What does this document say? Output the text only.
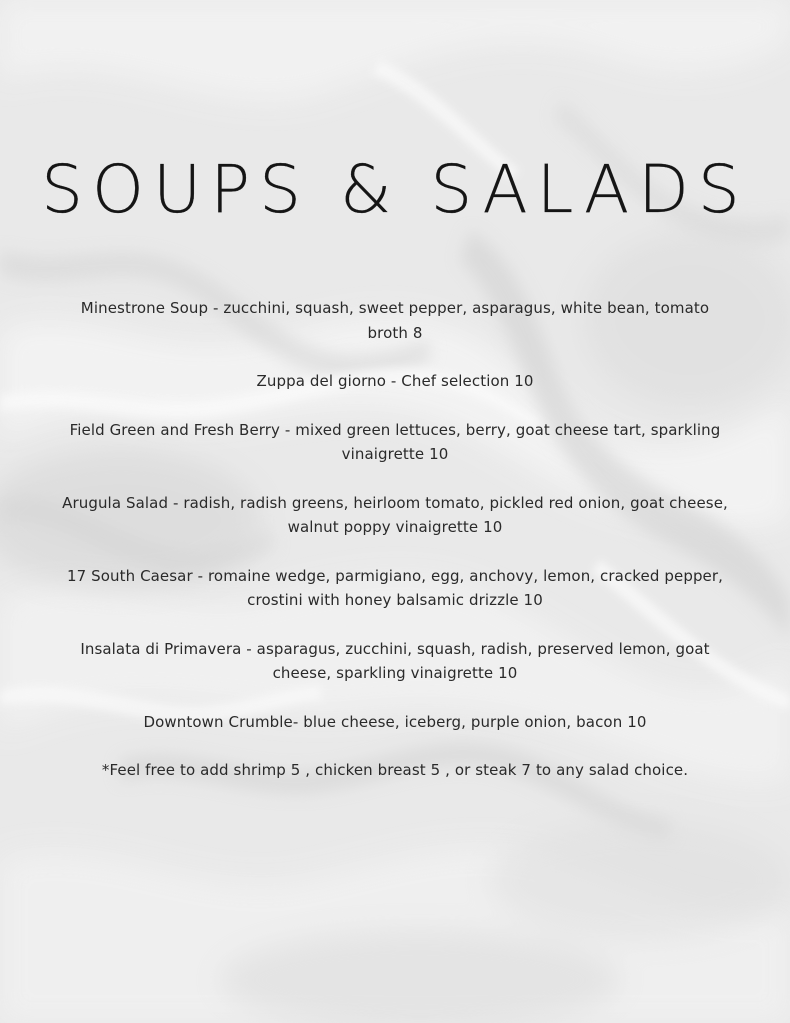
SOUPS & SALADS

Minestrone Soup - zucchini, squash, sweet pepper, asparagus, white bean, tomato broth 8

Zuppa del giorno - Chef selection 10

Field Green and Fresh Berry - mixed green lettuces, berry, goat cheese tart, sparkling vinaigrette 10

Arugula Salad - radish, radish greens, heirloom tomato, pickled red onion, goat cheese, walnut poppy vinaigrette 10

17 South Caesar - romaine wedge, parmigiano, egg, anchovy, lemon, cracked pepper, crostini with honey balsamic drizzle 10

Insalata di Primavera - asparagus, zucchini, squash, radish, preserved lemon, goat cheese, sparkling vinaigrette 10

Downtown Crumble- blue cheese, iceberg, purple onion, bacon 10

*Feel free to add shrimp 5 , chicken breast 5 , or steak 7 to any salad choice.
